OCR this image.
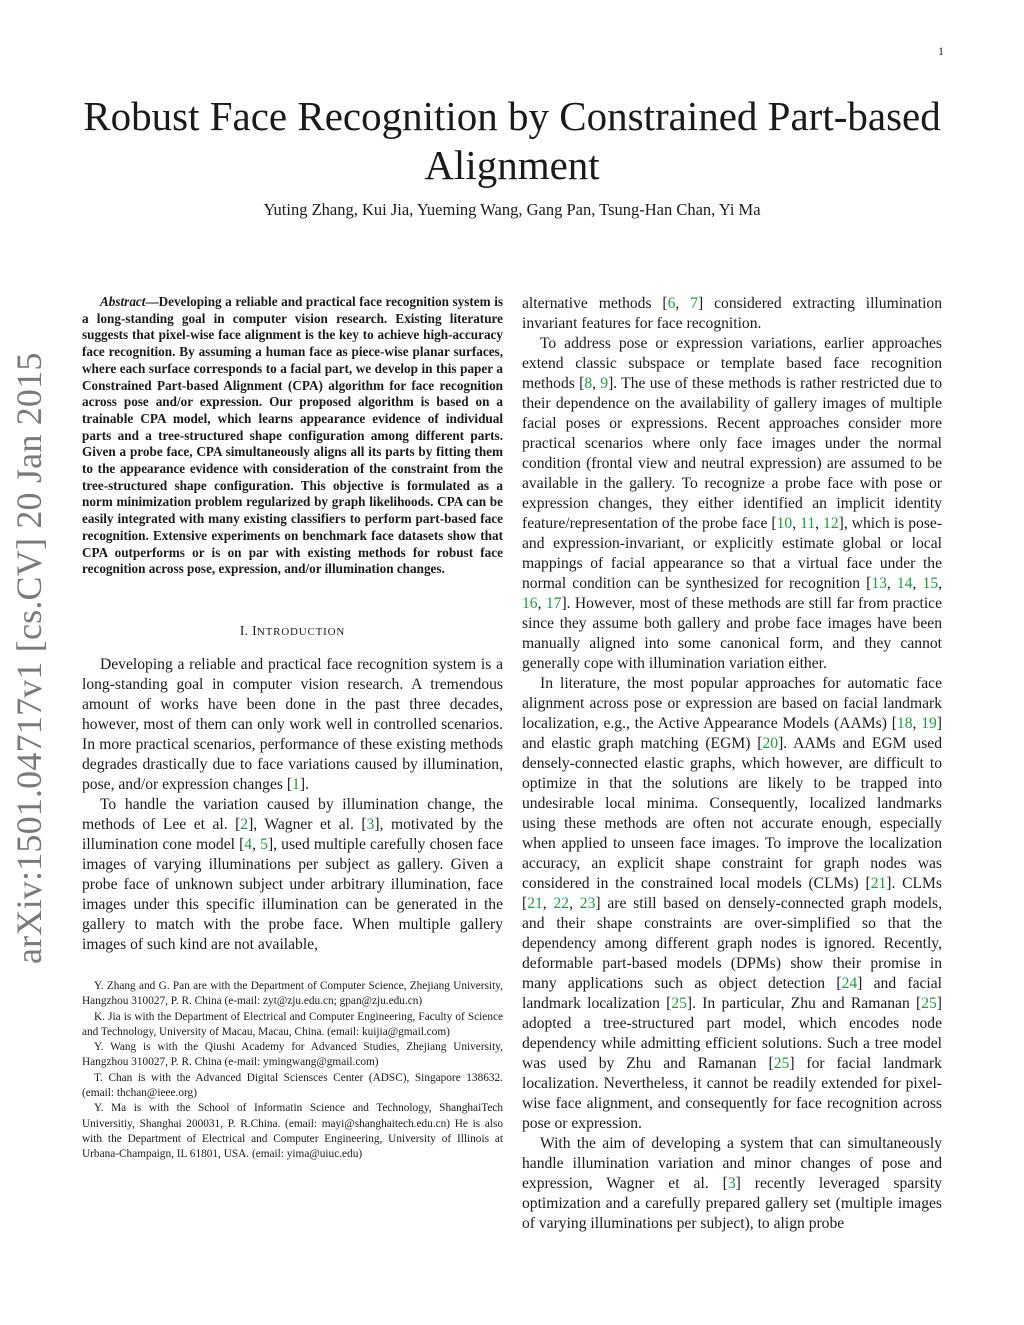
1
arXiv:1501.04717v1 [cs.CV] 20 Jan 2015
Robust Face Recognition by Constrained Part-based Alignment
Yuting Zhang, Kui Jia, Yueming Wang, Gang Pan, Tsung-Han Chan, Yi Ma

Abstract—Developing a reliable and practical face recognition system is a long-standing goal in computer vision research. Existing literature suggests that pixel-wise face alignment is the key to achieve high-accuracy face recognition. By assuming a human face as piece-wise planar surfaces, where each surface corresponds to a facial part, we develop in this paper a Constrained Part-based Alignment (CPA) algorithm for face recognition across pose and/or expression. Our proposed algorithm is based on a trainable CPA model, which learns appearance evidence of individual parts and a tree-structured shape configuration among different parts. Given a probe face, CPA simultaneously aligns all its parts by fitting them to the appearance evidence with consideration of the constraint from the tree-structured shape configuration. This objective is formulated as a norm minimization problem regularized by graph likelihoods. CPA can be easily integrated with many existing classifiers to perform part-based face recognition. Extensive experiments on benchmark face datasets show that CPA outperforms or is on par with existing methods for robust face recognition across pose, expression, and/or illumination changes.

I. INTRODUCTION

Developing a reliable and practical face recognition system is a long-standing goal in computer vision research. A tremendous amount of works have been done in the past three decades, however, most of them can only work well in controlled scenarios. In more practical scenarios, performance of these existing methods degrades drastically due to face variations caused by illumination, pose, and/or expression changes [1].

To handle the variation caused by illumination change, the methods of Lee et al. [2], Wagner et al. [3], motivated by the illumination cone model [4, 5], used multiple carefully chosen face images of varying illuminations per subject as gallery. Given a probe face of unknown subject under arbitrary illumination, face images under this specific illumination can be generated in the gallery to match with the probe face. When multiple gallery images of such kind are not available,

Y. Zhang and G. Pan are with the Department of Computer Science, Zhejiang University, Hangzhou 310027, P. R. China (e-mail: zyt@zju.edu.cn; gpan@zju.edu.cn)

K. Jia is with the Department of Electrical and Computer Engineering, Faculty of Science and Technology, University of Macau, Macau, China. (email: kuijia@gmail.com)

Y. Wang is with the Qiushi Academy for Advanced Studies, Zhejiang University, Hangzhou 310027, P. R. China (e-mail: ymingwang@gmail.com)

T. Chan is with the Advanced Digital Sciensces Center (ADSC), Singapore 138632. (email: thchan@ieee.org)

Y. Ma is with the School of Informatin Science and Technology, ShanghaiTech Universitiy, Shanghai 200031, P. R.China. (email: mayi@shanghaitech.edu.cn) He is also with the Department of Electrical and Computer Engineering, University of Illinois at Urbana-Champaign, IL 61801, USA. (email: yima@uiuc.edu)

alternative methods [6, 7] considered extracting illumination invariant features for face recognition.

To address pose or expression variations, earlier approaches extend classic subspace or template based face recognition methods [8, 9]. The use of these methods is rather restricted due to their dependence on the availability of gallery images of multiple facial poses or expressions. Recent approaches consider more practical scenarios where only face images under the normal condition (frontal view and neutral expression) are assumed to be available in the gallery. To recognize a probe face with pose or expression changes, they either identified an implicit identity feature/representation of the probe face [10, 11, 12], which is pose- and expression-invariant, or explicitly estimate global or local mappings of facial appearance so that a virtual face under the normal condition can be synthesized for recognition [13, 14, 15, 16, 17]. However, most of these methods are still far from practice since they assume both gallery and probe face images have been manually aligned into some canonical form, and they cannot generally cope with illumination variation either.

In literature, the most popular approaches for automatic face alignment across pose or expression are based on facial landmark localization, e.g., the Active Appearance Models (AAMs) [18, 19] and elastic graph matching (EGM) [20]. AAMs and EGM used densely-connected elastic graphs, which however, are difficult to optimize in that the solutions are likely to be trapped into undesirable local minima. Consequently, localized landmarks using these methods are often not accurate enough, especially when applied to unseen face images. To improve the localization accuracy, an explicit shape constraint for graph nodes was considered in the constrained local models (CLMs) [21]. CLMs [21, 22, 23] are still based on densely-connected graph models, and their shape constraints are over-simplified so that the dependency among different graph nodes is ignored. Recently, deformable part-based models (DPMs) show their promise in many applications such as object detection [24] and facial landmark localization [25]. In particular, Zhu and Ramanan [25] adopted a tree-structured part model, which encodes node dependency while admitting efficient solutions. Such a tree model was used by Zhu and Ramanan [25] for facial landmark localization. Nevertheless, it cannot be readily extended for pixel-wise face alignment, and consequently for face recognition across pose or expression.

With the aim of developing a system that can simultaneously handle illumination variation and minor changes of pose and expression, Wagner et al. [3] recently leveraged sparsity optimization and a carefully prepared gallery set (multiple images of varying illuminations per subject), to align probe
